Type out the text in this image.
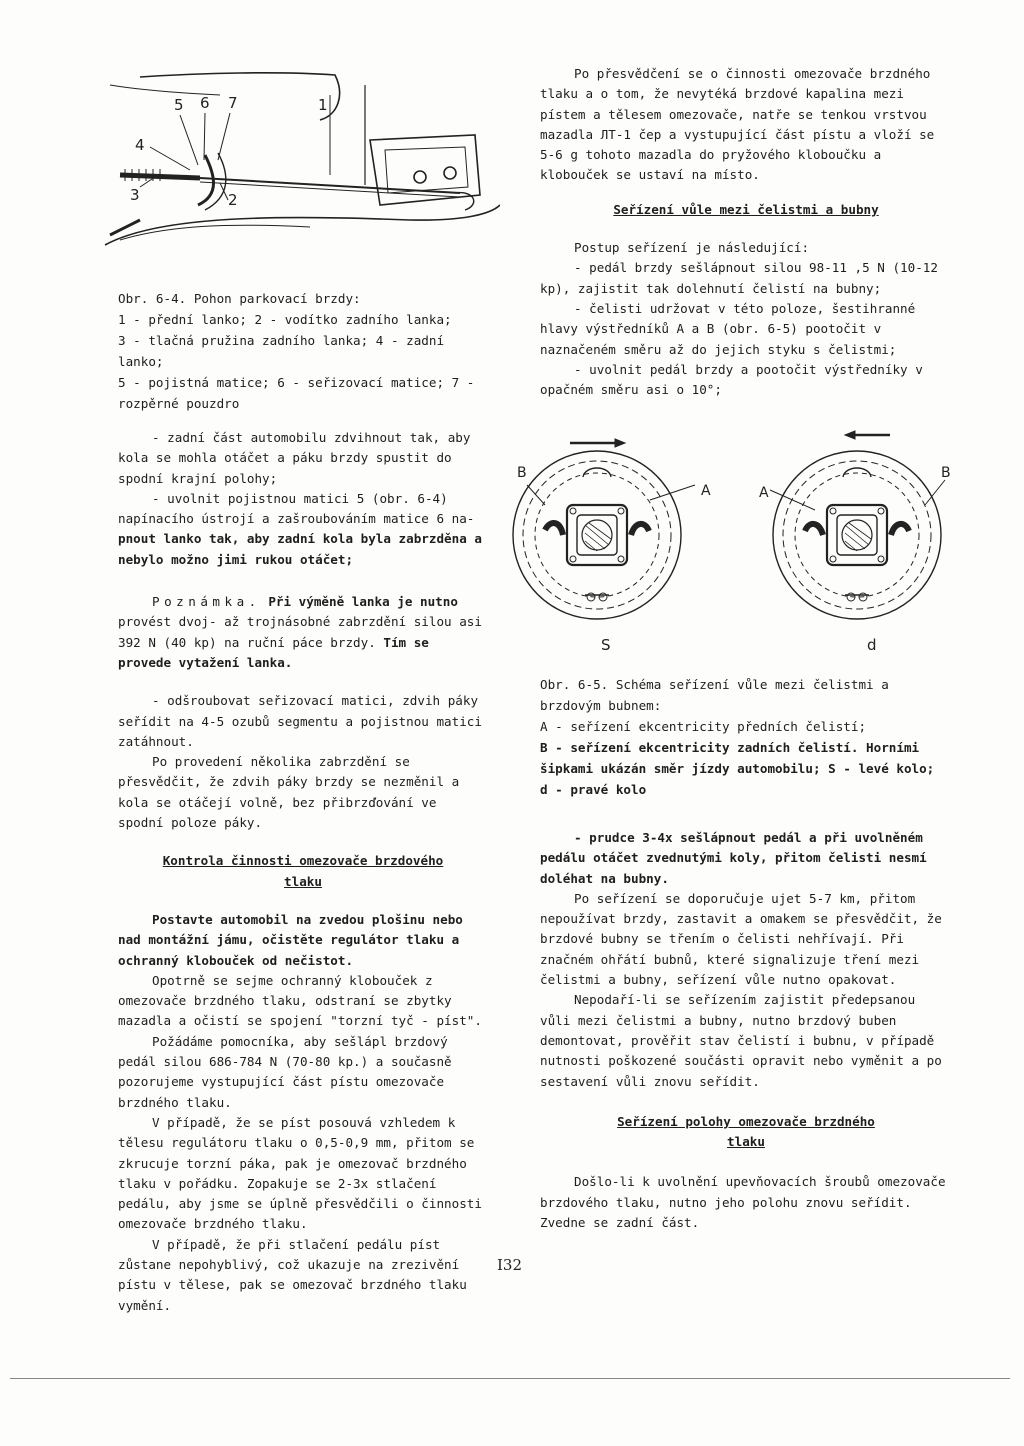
5 6 7
4
3	2
1
Obr. 6-4. Pohon parkovací brzdy:
1 - přední lanko; 2 - vodítko zadního lanka;
3 - tlačná pružina zadního lanka; 4 - zadní lanko;
5 - pojistná matice; 6 - seřizovací matice; 7 -
rozpěrné pouzdro

- zadní část automobilu zdvihnout tak, aby kola se mohla otáčet a páku brzdy spustit do spodní krajní polohy;

- uvolnit pojistnou matici 5 (obr. 6-4) napínacího ústrojí a zašroubováním matice 6 na- pnout lanko tak, aby zadní kola byla zabrzděna a nebylo možno jimi rukou otáčet;

Poznámka. Při výměně lanka je nutno provést dvoj- až trojnásobné zabrzdění silou asi 392 N (40 kp) na ruční páce brzdy. Tím se provede vytažení lanka.

- odšroubovat seřizovací matici, zdvih páky seřídit na 4-5 ozubů segmentu a pojistnou matici zatáhnout.

Po provedení několika zabrzdění se přesvědčit, že zdvih páky brzdy se nezměnil a kola se otáčejí volně, bez přibrzďování ve spodní poloze páky.

Kontrola činnosti omezovače brzdového

tlaku

Postavte automobil na zvedou plošinu nebo nad montážní jámu, očistěte regulátor tlaku a ochranný klobouček od nečistot.

Opotrně se sejme ochranný klobouček z omezovače brzdného tlaku, odstraní se zbytky mazadla a očistí se spojení "torzní tyč - píst".

Požádáme pomocníka, aby sešlápl brzdový pedál silou 686-784 N (70-80 kp.) a současně pozorujeme vystupující část pístu omezovače brzdného tlaku.

V případě, že se píst posouvá vzhledem k tělesu regulátoru tlaku o 0,5-0,9 mm, přitom se zkrucuje torzní páka, pak je omezovač brzdného tlaku v pořádku. Zopakuje se 2-3x stlačení pedálu, aby jsme se úplně přesvědčili o činnosti omezovače brzdného tlaku.

V případě, že při stlačení pedálu píst zůstane nepohyblivý, což ukazuje na zrezivění pístu v tělese, pak se omezovač brzdného tlaku vymění.

Po přesvědčení se o činnosti omezovače brzdného tlaku a o tom, že nevytéká brzdové kapalina mezi pístem a tělesem omezovače, natře se tenkou vrstvou mazadla ЛТ-1 čep a vystupující část pístu a vloží se 5-6 g tohoto mazadla do pryžového kloboučku a klobouček se ustaví na místo.

Seřízení vůle mezi čelistmi a bubny

Postup seřízení je následující:

- pedál brzdy sešlápnout silou 98-11 ,5 N (10-12 kp), zajistit tak dolehnutí čelistí na bubny;

- čelisti udržovat v této poloze, šestihranné hlavy výstředníků A a B (obr. 6-5) pootočit v naznačeném směru až do jejich styku s čelistmi;

- uvolnit pedál brzdy a pootočit výstředníky v opačném směru asi o 10°;

B
A	A
B
S	d
Obr. 6-5. Schéma seřízení vůle mezi čelistmi a
brzdovým bubnem:
A - seřízení ekcentricity předních čelistí;
B - seřízení ekcentricity zadních čelistí. Horními šipkami ukázán směr jízdy automobilu; S - levé kolo; d - pravé kolo

- prudce 3-4x sešlápnout pedál a při uvolněném pedálu otáčet zvednutými koly, přitom čelisti nesmí doléhat na bubny.

Po seřízení se doporučuje ujet 5-7 km, přitom nepoužívat brzdy, zastavit a omakem se přesvědčit, že brzdové bubny se třením o čelisti nehřívají. Při značném ohřátí bubnů, které signalizuje tření mezi čelistmi a bubny, seřízení vůle nutno opakovat.

Nepodaří-li se seřízením zajistit předepsanou vůli mezi čelistmi a bubny, nutno brzdový buben demontovat, prověřit stav čelistí i bubnu, v případě nutnosti poškozené součásti opravit nebo vyměnit a po sestavení vůli znovu seřídit.

Seřízení polohy omezovače brzdného

tlaku

Došlo-li k uvolnění upevňovacích šroubů omezovače brzdového tlaku, nutno jeho polohu znovu seřídit. Zvedne se zadní část.

I32
